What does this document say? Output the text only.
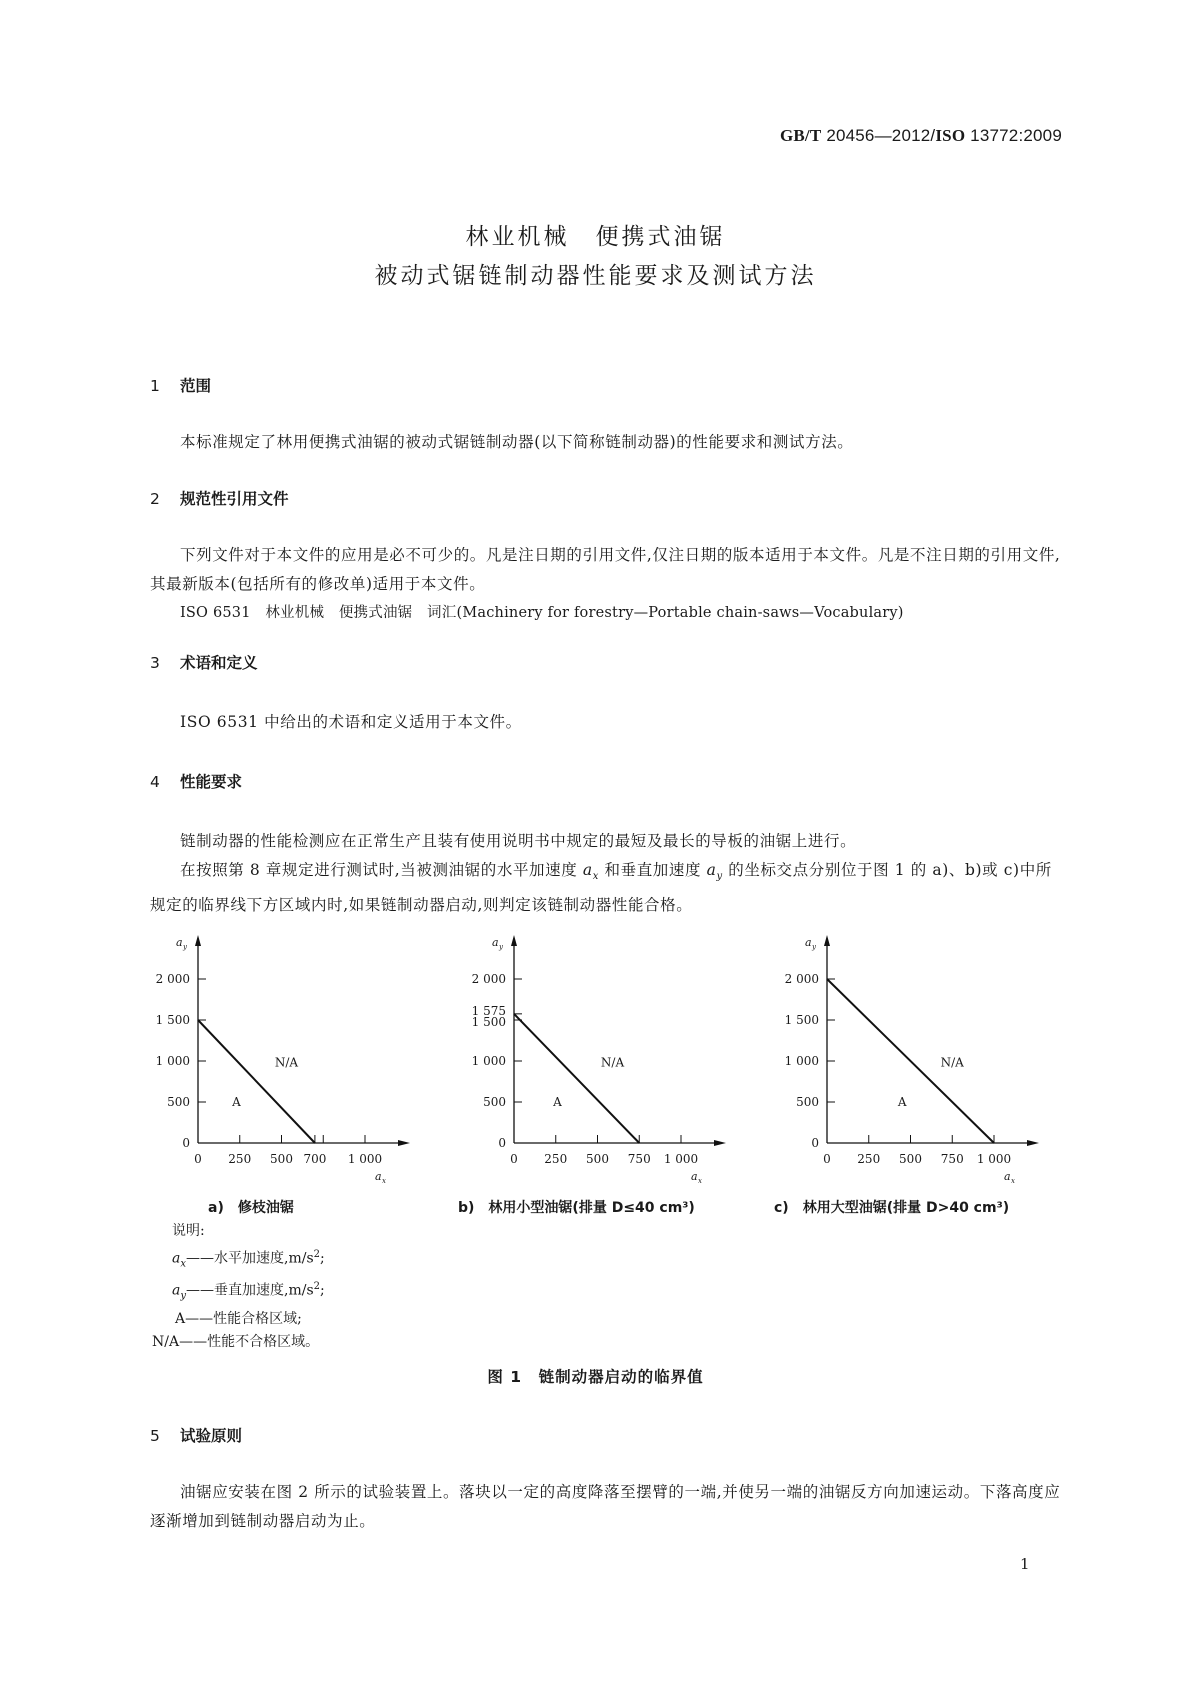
GB/T 20456—2012/ISO 13772:2009
林业机械　便携式油锯
被动式锯链制动器性能要求及测试方法
1 范围
本标准规定了林用便携式油锯的被动式锯链制动器(以下简称链制动器)的性能要求和测试方法。
2 规范性引用文件
下列文件对于本文件的应用是必不可少的。凡是注日期的引用文件,仅注日期的版本适用于本文件。凡是不注日期的引用文件,其最新版本(包括所有的修改单)适用于本文件。
ISO 6531　林业机械　便携式油锯　词汇(Machinery for forestry—Portable chain-saws—Vocabulary)
3 术语和定义
ISO 6531 中给出的术语和定义适用于本文件。
4 性能要求
链制动器的性能检测应在正常生产且装有使用说明书中规定的最短及最长的导板的油锯上进行。
在按照第 8 章规定进行测试时,当被测油锯的水平加速度 $a_x$ 和垂直加速度 $a_y$ 的坐标交点分别位于图 1 的 a)、b)或 c)中所规定的临界线下方区域内时,如果链制动器启动,则判定该链制动器性能合格。
a y
a x
0
500
1 000
1 500
2 000
0 250 500 700 1 000
A
N/A
a y
a x
0
500
1 000
1 500
1 575
2 000
0 250 500 750 1 000
A
N/A
a y
a x
0
500
1 000
1 500
2 000
0 250 500 750 1 000
A
N/A
a)　 修枝油锯	b)　 林用小型油锯(排量 D≤40 cm³)	c)　 林用大型油锯(排量 D>40 cm³)
说明:
$a_x——$水平加速度$,m/s^2$;
$a_y——$垂直加速度$,m/s^2$;
A——性能合格区域;
N/A——性能不合格区域。
图 1　链制动器启动的临界值
5 试验原则
油锯应安装在图 2 所示的试验装置上。落块以一定的高度降落至摆臂的一端,并使另一端的油锯反方向加速运动。下落高度应逐渐增加到链制动器启动为止。
1
